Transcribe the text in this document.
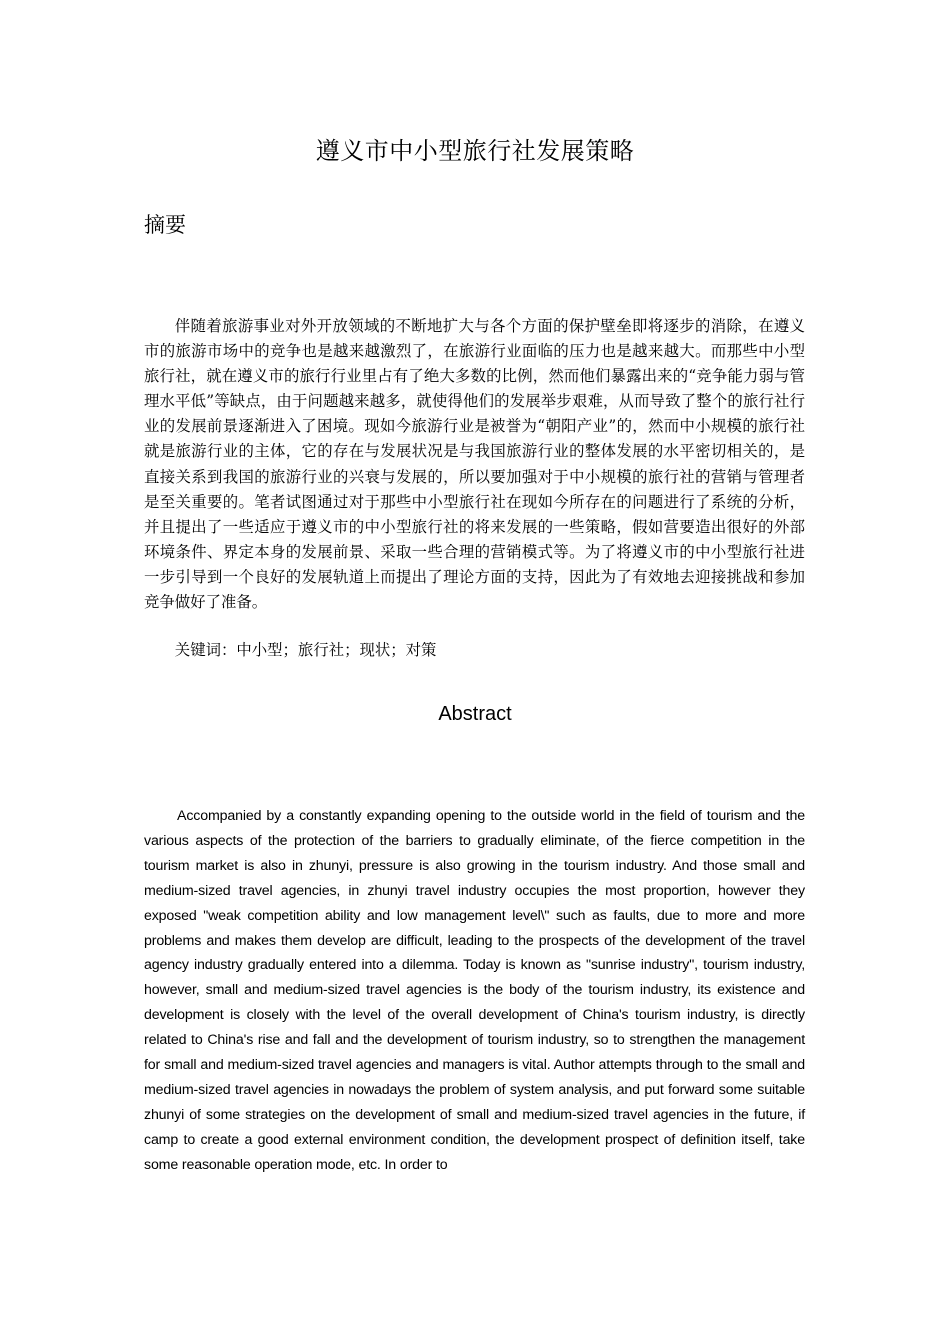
遵义市中小型旅行社发展策略
摘要

伴随着旅游事业对外开放领域的不断地扩大与各个方面的保护壁垒即将逐步的消除，在遵义市的旅游市场中的竞争也是越来越激烈了，在旅游行业面临的压力也是越来越大。而那些中小型旅行社，就在遵义市的旅行行业里占有了绝大多数的比例，然而他们暴露出来的“竞争能力弱与管理水平低”等缺点，由于问题越来越多，就使得他们的发展举步艰难，从而导致了整个的旅行社行业的发展前景逐渐进入了困境。现如今旅游行业是被誉为“朝阳产业”的，然而中小规模的旅行社就是旅游行业的主体，它的存在与发展状况是与我国旅游行业的整体发展的水平密切相关的，是直接关系到我国的旅游行业的兴衰与发展的，所以要加强对于中小规模的旅行社的营销与管理者是至关重要的。笔者试图通过对于那些中小型旅行社在现如今所存在的问题进行了系统的分析，并且提出了一些适应于遵义市的中小型旅行社的将来发展的一些策略，假如营要造出很好的外部环境条件、界定本身的发展前景、采取一些合理的营销模式等。为了将遵义市的中小型旅行社进一步引导到一个良好的发展轨道上而提出了理论方面的支持，因此为了有效地去迎接挑战和参加竞争做好了准备。

关键词：中小型；旅行社；现状；对策

Abstract

Accompanied by a constantly expanding opening to the outside world in the field of tourism and the various aspects of the protection of the barriers to gradually eliminate, of the fierce competition in the tourism market is also in zhunyi, pressure is also growing in the tourism industry. And those small and medium-sized travel agencies, in zhunyi travel industry occupies the most proportion, however they exposed "weak competition ability and low management level\" such as faults, due to more and more problems and makes them develop are difficult, leading to the prospects of the development of the travel agency industry gradually entered into a dilemma. Today is known as "sunrise industry", tourism industry, however, small and medium-sized travel agencies is the body of the tourism industry, its existence and development is closely with the level of the overall development of China's tourism industry, is directly related to China's rise and fall and the development of tourism industry, so to strengthen the management for small and medium-sized travel agencies and managers is vital. Author attempts through to the small and medium-sized travel agencies in nowadays the problem of system analysis, and put forward some suitable zhunyi of some strategies on the development of small and medium-sized travel agencies in the future, if camp to create a good external environment condition, the development prospect of definition itself, take some reasonable operation mode, etc. In order to
